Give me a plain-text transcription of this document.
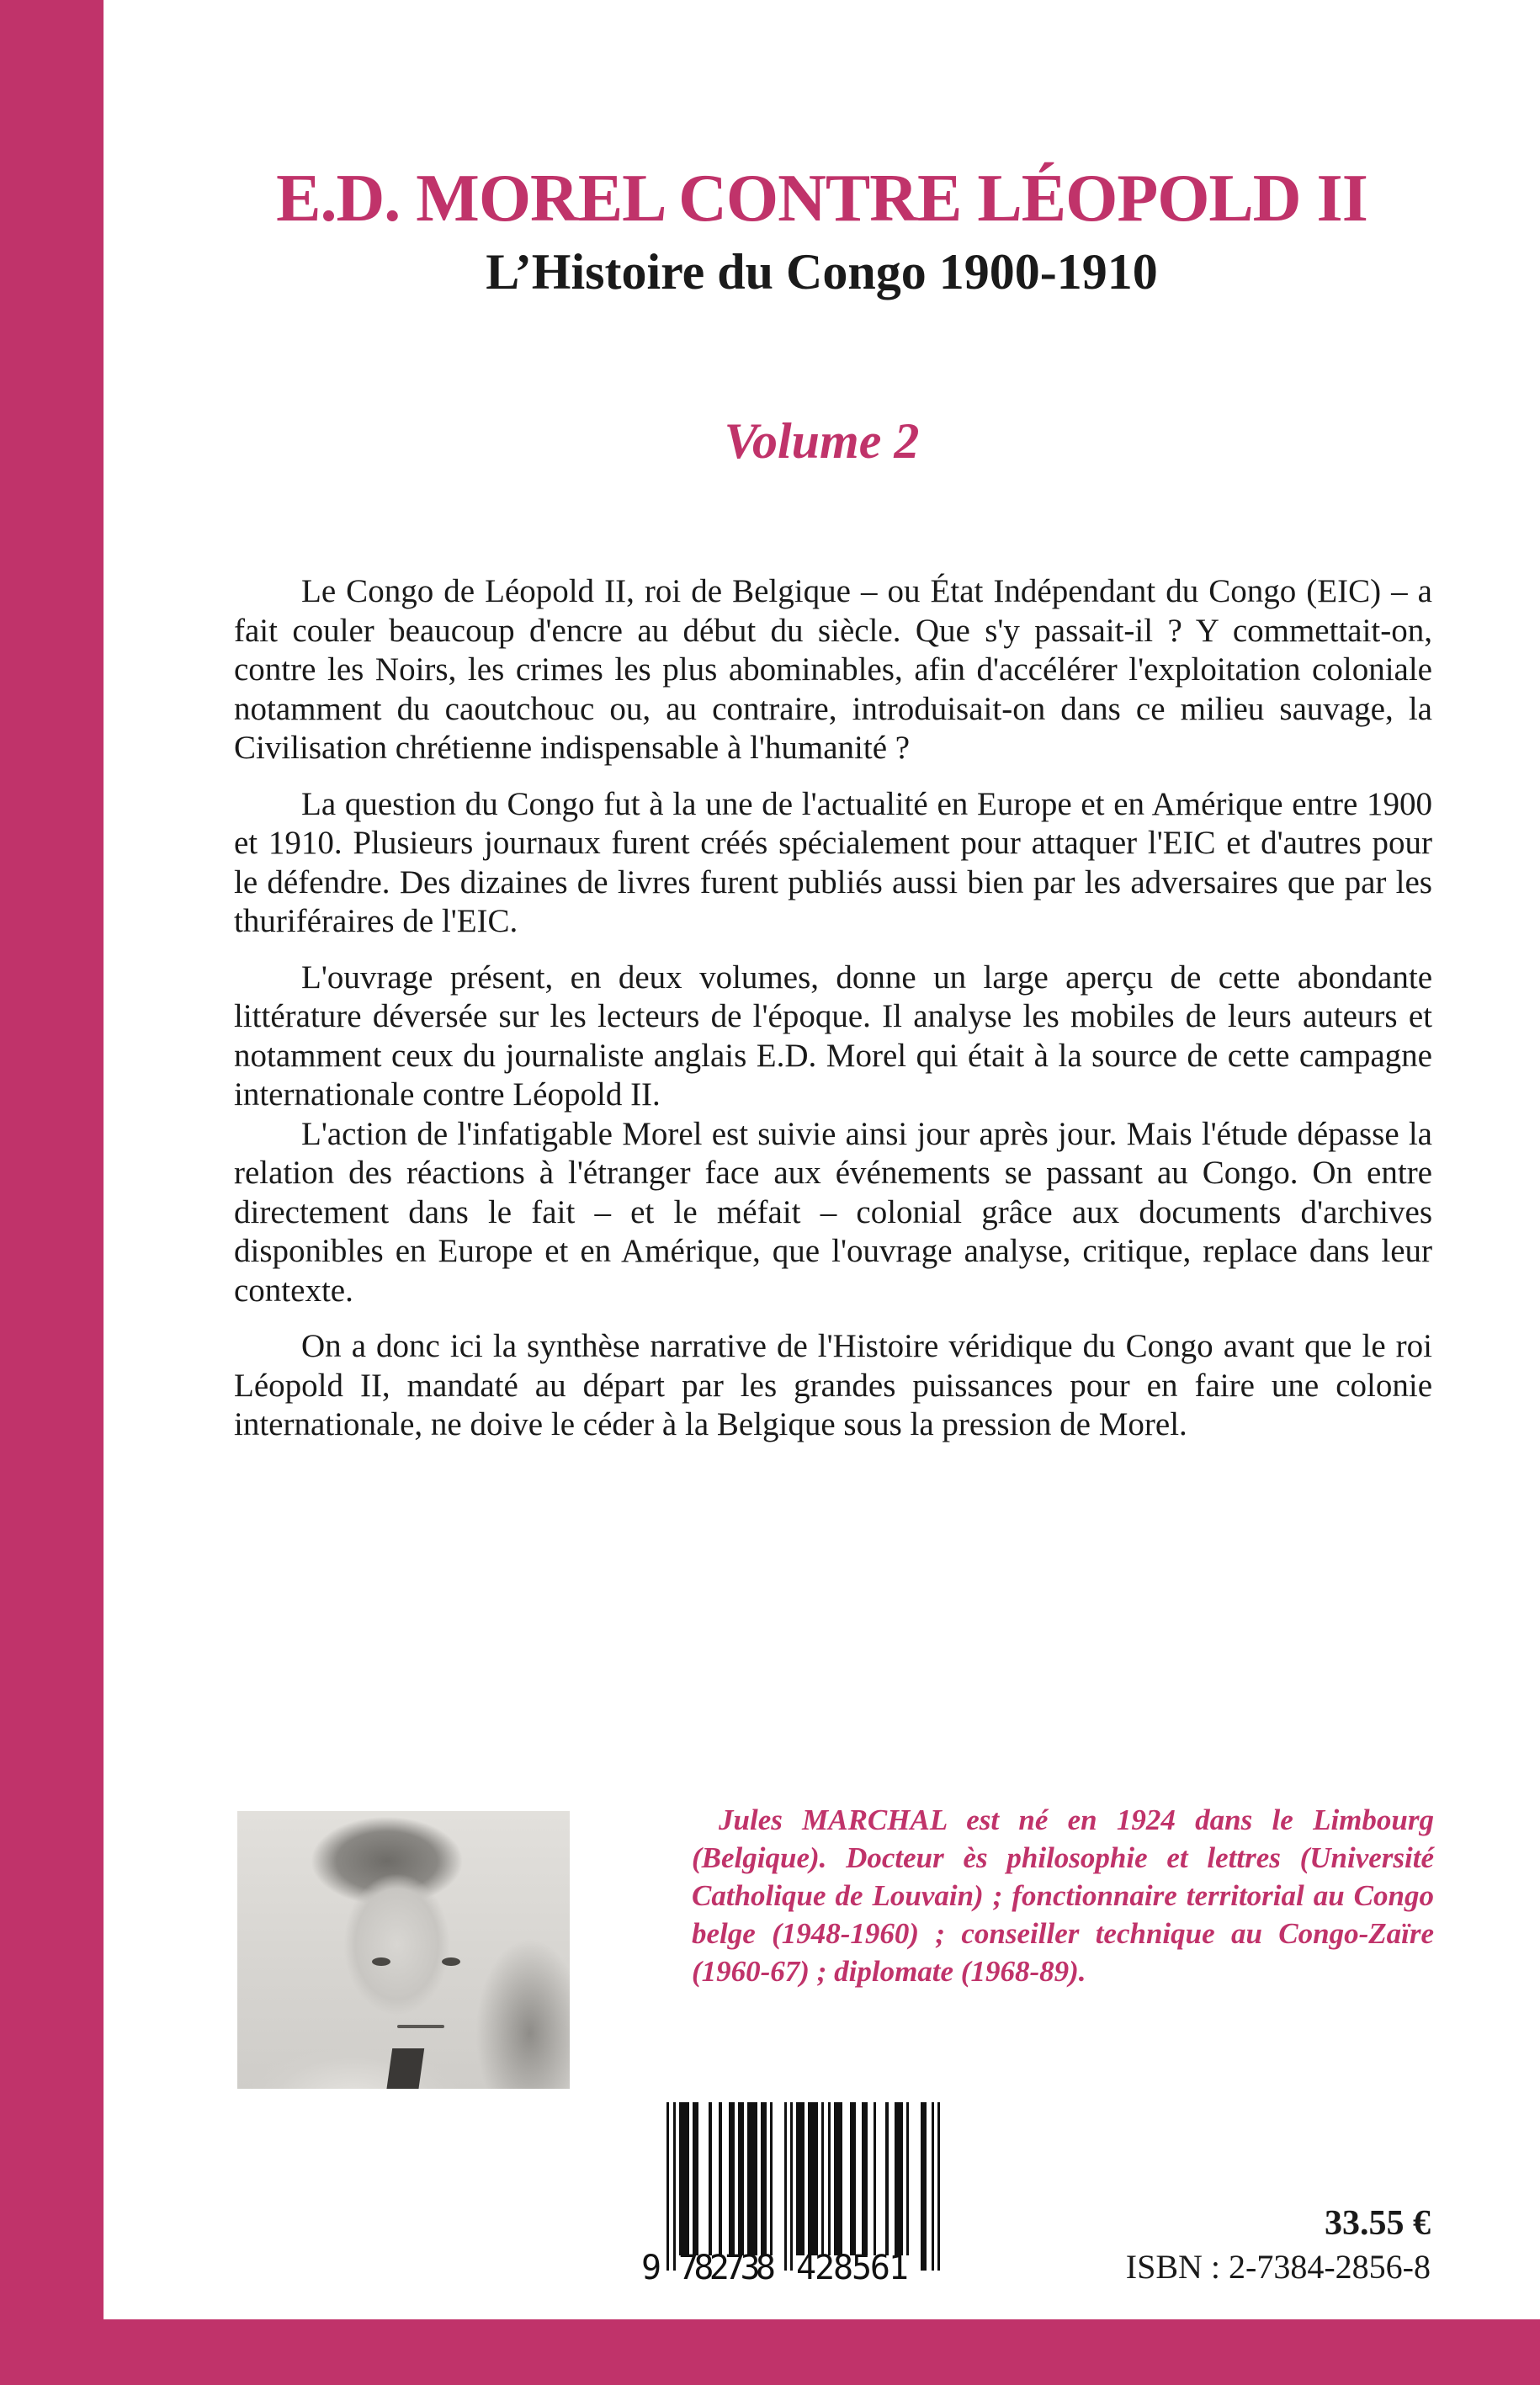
E.D. MOREL CONTRE LÉOPOLD II
L’Histoire du Congo 1900-1910
Volume 2

Le Congo de Léopold II, roi de Belgique – ou État Indépendant du Congo (EIC) – a fait couler beaucoup d'encre au début du siècle. Que s'y passait-il ? Y commettait-on, contre les Noirs, les crimes les plus abominables, afin d'accélérer l'exploitation coloniale notamment du caoutchouc ou, au contraire, introduisait-on dans ce milieu sauvage, la Civilisation chrétienne indispensable à l'humanité ?

La question du Congo fut à la une de l'actualité en Europe et en Amérique entre 1900 et 1910. Plusieurs journaux furent créés spécialement pour attaquer l'EIC et d'autres pour le défendre. Des dizaines de livres furent publiés aussi bien par les adversaires que par les thuriféraires de l'EIC.

L'ouvrage présent, en deux volumes, donne un large aperçu de cette abondante littérature déversée sur les lecteurs de l'époque. Il analyse les mobiles de leurs auteurs et notamment ceux du journaliste anglais E.D. Morel qui était à la source de cette campagne internationale contre Léopold II.

L'action de l'infatigable Morel est suivie ainsi jour après jour. Mais l'étude dépasse la relation des réactions à l'étranger face aux événements se passant au Congo. On entre directement dans le fait – et le méfait – colonial grâce aux documents d'archives disponibles en Europe et en Amérique, que l'ouvrage analyse, critique, replace dans leur contexte.

On a donc ici la synthèse narrative de l'Histoire véridique du Congo avant que le roi Léopold II, mandaté au départ par les grandes puissances pour en faire une colonie internationale, ne doive le céder à la Belgique sous la pression de Morel.

Jules MARCHAL est né en 1924 dans le Limbourg (Belgique). Docteur ès philosophie et lettres (Université Catholique de Louvain) ; fonctionnaire territorial au Congo belge (1948-1960) ; conseiller technique au Congo-Zaïre (1960-67) ; diplomate (1968-89).

9 782738 428561
33.55 €
ISBN : 2-7384-2856-8
